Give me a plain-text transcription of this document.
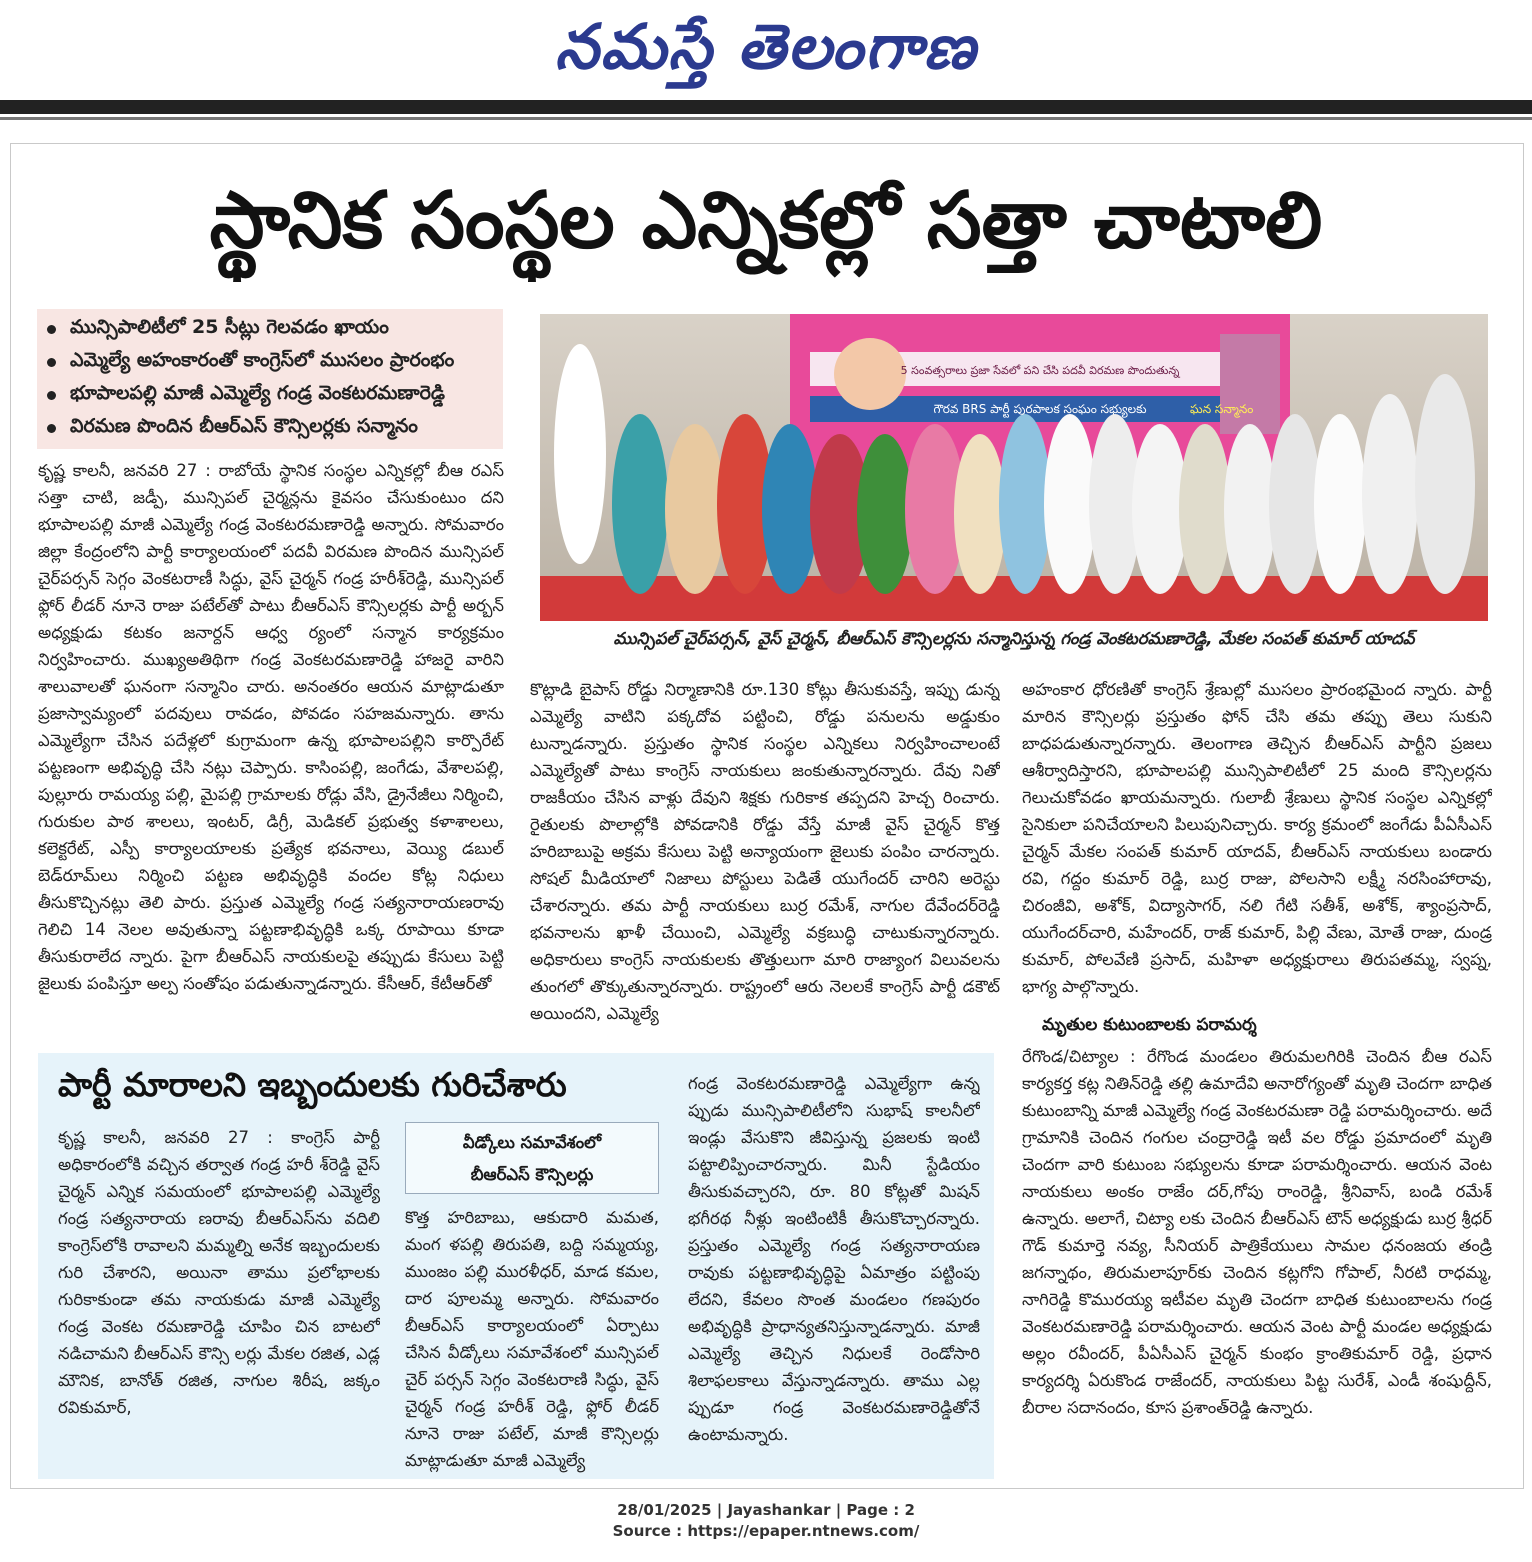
నమస్తే తెలంగాణ
స్థానిక సంస్థల ఎన్నికల్లో సత్తా చాటాలి
మున్సిపాలిటీలో 25 సీట్లు గెలవడం ఖాయం
ఎమ్మెల్యే అహంకారంతో కాంగ్రెస్‌లో ముసలం ప్రారంభం
భూపాలపల్లి మాజీ ఎమ్మెల్యే గండ్ర వెంకటరమణారెడ్డి
విరమణ పొందిన బీఆర్‌ఎస్ కౌన్సిలర్లకు సన్మానం
కృష్ణ కాలనీ, జనవరి 27 : రాబోయే స్థానిక సంస్థల ఎన్నికల్లో బీఆ రఎస్ సత్తా చాటి, జడ్పీ, మున్సిపల్ చైర్మన్లను కైవసం చేసుకుంటుం దని భూపాలపల్లి మాజీ ఎమ్మెల్యే గండ్ర వెంకటరమణారెడ్డి అన్నారు. సోమవారం జిల్లా కేంద్రంలోని పార్టీ కార్యాలయంలో పదవీ విరమణ పొందిన మున్సిపల్ చైర్‌పర్సన్ సెగ్గం వెంకటరాణీ సిద్ధు, వైస్ చైర్మన్ గండ్ర హరీశ్‌రెడ్డి, మున్సిపల్ ఫ్లోర్ లీడర్ నూనె రాజు పటేల్‌తో పాటు బీఆర్‌ఎస్ కౌన్సిలర్లకు పార్టీ అర్బన్ అధ్యక్షుడు కటకం జనార్దన్ ఆధ్వ ర్యంలో సన్మాన కార్యక్రమం నిర్వహించారు. ముఖ్యఅతిథిగా గండ్ర వెంకటరమణారెడ్డి హాజరై వారిని శాలువాలతో ఘనంగా సన్మానిం చారు. అనంతరం ఆయన మాట్లాడుతూ ప్రజాస్వామ్యంలో పదవులు రావడం, పోవడం సహజమన్నారు. తాను ఎమ్మెల్యేగా చేసిన పదేళ్లలో కుగ్రామంగా ఉన్న భూపాలపల్లిని కార్పొరేట్ పట్టణంగా అభివృద్ధి చేసి నట్లు చెప్పారు. కాసింపల్లి, జంగేడు, వేశాలపల్లి, పుల్లూరు రామయ్య పల్లి, మైపల్లి గ్రామాలకు రోడ్లు వేసి, డ్రైనేజీలు నిర్మించి, గురుకుల పాఠ శాలలు, ఇంటర్, డిగ్రీ, మెడికల్ ప్రభుత్వ కళాశాలలు, కలెక్టరేట్, ఎస్పీ కార్యాలయాలకు ప్రత్యేక భవనాలు, వెయ్యి డబుల్ బెడ్‌రూమ్‌లు నిర్మించి పట్టణ అభివృద్ధికి వందల కోట్ల నిధులు తీసుకొచ్చినట్లు తెలి పారు. ప్రస్తుత ఎమ్మెల్యే గండ్ర సత్యనారాయణరావు గెలిచి 14 నెలల అవుతున్నా పట్టణాభివృద్ధికి ఒక్క రూపాయి కూడా తీసుకురాలేద న్నారు. పైగా బీఆర్‌ఎస్ నాయకులపై తప్పుడు కేసులు పెట్టి జైలుకు పంపిస్తూ అల్ప సంతోషం పడుతున్నాడన్నారు. కేసీఆర్, కేటీఆర్‌తో
5 సంవత్సరాలు ప్రజా సేవలో పని చేసి పదవీ విరమణ పొందుతున్న
గౌరవ BRS పార్టీ పురపాలక సంఘం సభ్యులకు	ఘన సన్మానం
మున్సిపల్ చైర్‌పర్సన్, వైస్ చైర్మన్, బీఆర్‌ఎస్ కౌన్సిలర్లను సన్మానిస్తున్న గండ్ర వెంకటరమణారెడ్డి, మేకల సంపత్ కుమార్ యాదవ్
కొట్లాడి బైపాస్ రోడ్డు నిర్మాణానికి రూ.130 కోట్లు తీసుకువస్తే, ఇప్పు డున్న ఎమ్మెల్యే వాటిని పక్కదోవ పట్టించి, రోడ్డు పనులను అడ్డుకుం టున్నాడన్నారు. ప్రస్తుతం స్థానిక సంస్థల ఎన్నికలు నిర్వహించాలంటే ఎమ్మెల్యేతో పాటు కాంగ్రెస్ నాయకులు జంకుతున్నారన్నారు. దేవు నితో రాజకీయం చేసిన వాళ్లు దేవుని శిక్షకు గురికాక తప్పదని హెచ్చ రించారు. రైతులకు పొలాల్లోకి పోవడానికి రోడ్డు వేస్తే మాజీ వైస్ చైర్మన్ కొత్త హరిబాబుపై అక్రమ కేసులు పెట్టి అన్యాయంగా జైలుకు పంపిం చారన్నారు. సోషల్ మీడియాలో నిజాలు పోస్టులు పెడితే యుగేందర్ చారిని అరెస్టు చేశారన్నారు. తమ పార్టీ నాయకులు బుర్ర రమేశ్, నాగుల దేవేందర్‌రెడ్డి భవనాలను ఖాళీ చేయించి, ఎమ్మెల్యే వక్రబుద్ధి చాటుకున్నారన్నారు. అధికారులు కాంగ్రెస్ నాయకులకు తొత్తులుగా మారి రాజ్యాంగ విలువలను తుంగలో తొక్కుతున్నారన్నారు. రాష్ట్రంలో ఆరు నెలలకే కాంగ్రెస్ పార్టీ డకౌట్ అయిందని, ఎమ్మెల్యే
అహంకార ధోరణితో కాంగ్రెస్ శ్రేణుల్లో ముసలం ప్రారంభమైంద న్నారు. పార్టీ మారిన కౌన్సిలర్లు ప్రస్తుతం ఫోన్ చేసి తమ తప్పు తెలు సుకుని బాధపడుతున్నారన్నారు. తెలంగాణ తెచ్చిన బీఆర్‌ఎస్ పార్టీని ప్రజలు ఆశీర్వాదిస్తారని, భూపాలపల్లి మున్సిపాలిటీలో 25 మంది కౌన్సిలర్లను గెలుచుకోవడం ఖాయమన్నారు. గులాబీ శ్రేణులు స్థానిక సంస్థల ఎన్నికల్లో సైనికులా పనిచేయాలని పిలుపునిచ్చారు. కార్య క్రమంలో జంగేడు పీఏసీఎస్ చైర్మన్ మేకల సంపత్ కుమార్ యాదవ్, బీఆర్‌ఎస్ నాయకులు బండారు రవి, గద్దం కుమార్ రెడ్డి, బుర్ర రాజు, పోలసాని లక్ష్మీ నరసింహారావు, చిరంజీవి, అశోక్, విద్యాసాగర్, నలి గేటి సతీశ్, అశోక్, శ్యాంప్రసాద్, యుగేందర్‌చారి, మహేందర్, రాజ్ కుమార్, పిల్లి వేణు, మోతే రాజు, దుండ్ర కుమార్, పోలవేణి ప్రసాద్, మహిళా అధ్యక్షురాలు తిరుపతమ్మ, స్వప్న, భాగ్య పాల్గొన్నారు.
మృతుల కుటుంబాలకు పరామర్శ
రేగొండ/చిట్యాల : రేగొండ మండలం తిరుమలగిరికి చెందిన బీఆ రఎస్ కార్యకర్త కట్ల నితిన్‌రెడ్డి తల్లి ఉమాదేవి అనారోగ్యంతో మృతి చెందగా బాధిత కుటుంబాన్ని మాజీ ఎమ్మెల్యే గండ్ర వెంకటరమణా రెడ్డి పరామర్శించారు. అదే గ్రామానికి చెందిన గంగుల చంద్రారెడ్డి ఇటీ వల రోడ్డు ప్రమాదంలో మృతి చెందగా వారి కుటుంబ సభ్యులను కూడా పరామర్శించారు. ఆయన వెంట నాయకులు అంకం రాజేం దర్,గోపు రాంరెడ్డి, శ్రీనివాస్, బండి రమేశ్ ఉన్నారు. అలాగే, చిట్యా లకు చెందిన బీఆర్‌ఎస్ టౌన్ అధ్యక్షుడు బుర్ర శ్రీధర్ గౌడ్ కుమార్తె నవ్య, సీనియర్ పాత్రికేయులు సామల ధనంజయ తండ్రి జగన్నాథం, తిరుమలాపూర్‌కు చెందిన కట్లగోని గోపాల్, నీరటి రాధమ్మ, నాగిరెడ్డి కొమురయ్య ఇటీవల మృతి చెందగా బాధిత కుటుంబాలను గండ్ర వెంకటరమణారెడ్డి పరామర్శించారు. ఆయన వెంట పార్టీ మండల అధ్యక్షుడు అల్లం రవీందర్, పీఏసీఎస్ చైర్మన్ కుంభం క్రాంతికుమార్ రెడ్డి, ప్రధాన కార్యదర్శి ఏరుకొండ రాజేందర్, నాయకులు పిట్ట సురేశ్, ఎండీ శంషుద్దీన్, బీరాల సదానందం, కూస ప్రశాంత్‌రెడ్డి ఉన్నారు.
పార్టీ మారాలని ఇబ్బందులకు గురిచేశారు
వీడ్కోలు సమావేశంలో
బీఆర్‌ఎస్ కౌన్సిలర్లు
కృష్ణ కాలనీ, జనవరి 27 : కాంగ్రెస్ పార్టీ అధికారంలోకి వచ్చిన తర్వాత గండ్ర హరీ శ్‌రెడ్డి వైస్ చైర్మన్ ఎన్నిక సమయంలో భూపాలపల్లి ఎమ్మెల్యే గండ్ర సత్యనారాయ ణరావు బీఆర్‌ఎస్‌ను వదిలి కాంగ్రెస్‌లోకి రావాలని మమ్మల్ని అనేక ఇబ్బందులకు గురి చేశారని, అయినా తాము ప్రలోభాలకు గురికాకుండా తమ నాయకుడు మాజీ ఎమ్మెల్యే గండ్ర వెంకట రమణారెడ్డి చూపిం చిన బాటలో నడిచామని బీఆర్‌ఎస్ కౌన్సి లర్లు మేకల రజిత, ఎడ్ల మౌనిక, బానోత్ రజిత, నాగుల శిరీష, జక్కం రవికుమార్,
కొత్త హరిబాబు, ఆకుదారి మమత, మంగ ళపల్లి తిరుపతి, బద్ది సమ్మయ్య, ముంజం పల్లి మురళీధర్, మాడ కమల, దార పూలమ్మ అన్నారు. సోమవారం బీఆర్‌ఎస్ కార్యాలయంలో ఏర్పాటు చేసిన వీడ్కోలు సమావేశంలో మున్సిపల్ చైర్ పర్సన్ సెగ్గం వెంకటరాణి సిద్ధు, వైస్ చైర్మన్ గండ్ర హరీశ్ రెడ్డి, ఫ్లోర్ లీడర్ నూనె రాజు పటేల్, మాజీ కౌన్సిలర్లు మాట్లాడుతూ మాజీ ఎమ్మెల్యే
గండ్ర వెంకటరమణారెడ్డి ఎమ్మెల్యేగా ఉన్న ప్పుడు మున్సిపాలిటీలోని సుభాష్ కాలనీలో ఇండ్లు వేసుకొని జీవిస్తున్న ప్రజలకు ఇంటి పట్టాలిప్పించారన్నారు. మినీ స్టేడియం తీసుకువచ్చారని, రూ. 80 కోట్లతో మిషన్ భగీరథ నీళ్లు ఇంటింటికీ తీసుకొచ్చారన్నారు. ప్రస్తుతం ఎమ్మెల్యే గండ్ర సత్యనారాయణ రావుకు పట్టణాభివృద్ధిపై ఏమాత్రం పట్టింపు లేదని, కేవలం సొంత మండలం గణపురం అభివృద్ధికి ప్రాధాన్యతనిస్తున్నాడన్నారు. మాజీ ఎమ్మెల్యే తెచ్చిన నిధులకే రెండోసారి శిలాఫలకాలు వేస్తున్నాడన్నారు. తాము ఎల్ల ప్పుడూ గండ్ర వెంకటరమణారెడ్డితోనే ఉంటామన్నారు.
28/01/2025 | Jayashankar | Page : 2
Source : https://epaper.ntnews.com/
